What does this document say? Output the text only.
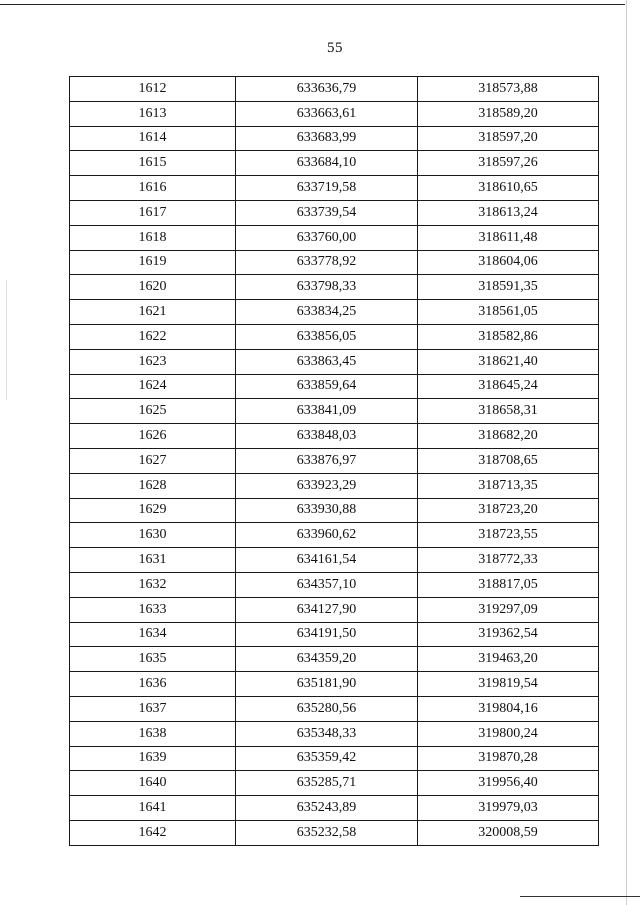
55
1612	633636,79	318573,88
1613	633663,61	318589,20
1614	633683,99	318597,20
1615	633684,10	318597,26
1616	633719,58	318610,65
1617	633739,54	318613,24
1618	633760,00	318611,48
1619	633778,92	318604,06
1620	633798,33	318591,35
1621	633834,25	318561,05
1622	633856,05	318582,86
1623	633863,45	318621,40
1624	633859,64	318645,24
1625	633841,09	318658,31
1626	633848,03	318682,20
1627	633876,97	318708,65
1628	633923,29	318713,35
1629	633930,88	318723,20
1630	633960,62	318723,55
1631	634161,54	318772,33
1632	634357,10	318817,05
1633	634127,90	319297,09
1634	634191,50	319362,54
1635	634359,20	319463,20
1636	635181,90	319819,54
1637	635280,56	319804,16
1638	635348,33	319800,24
1639	635359,42	319870,28
1640	635285,71	319956,40
1641	635243,89	319979,03
1642	635232,58	320008,59
